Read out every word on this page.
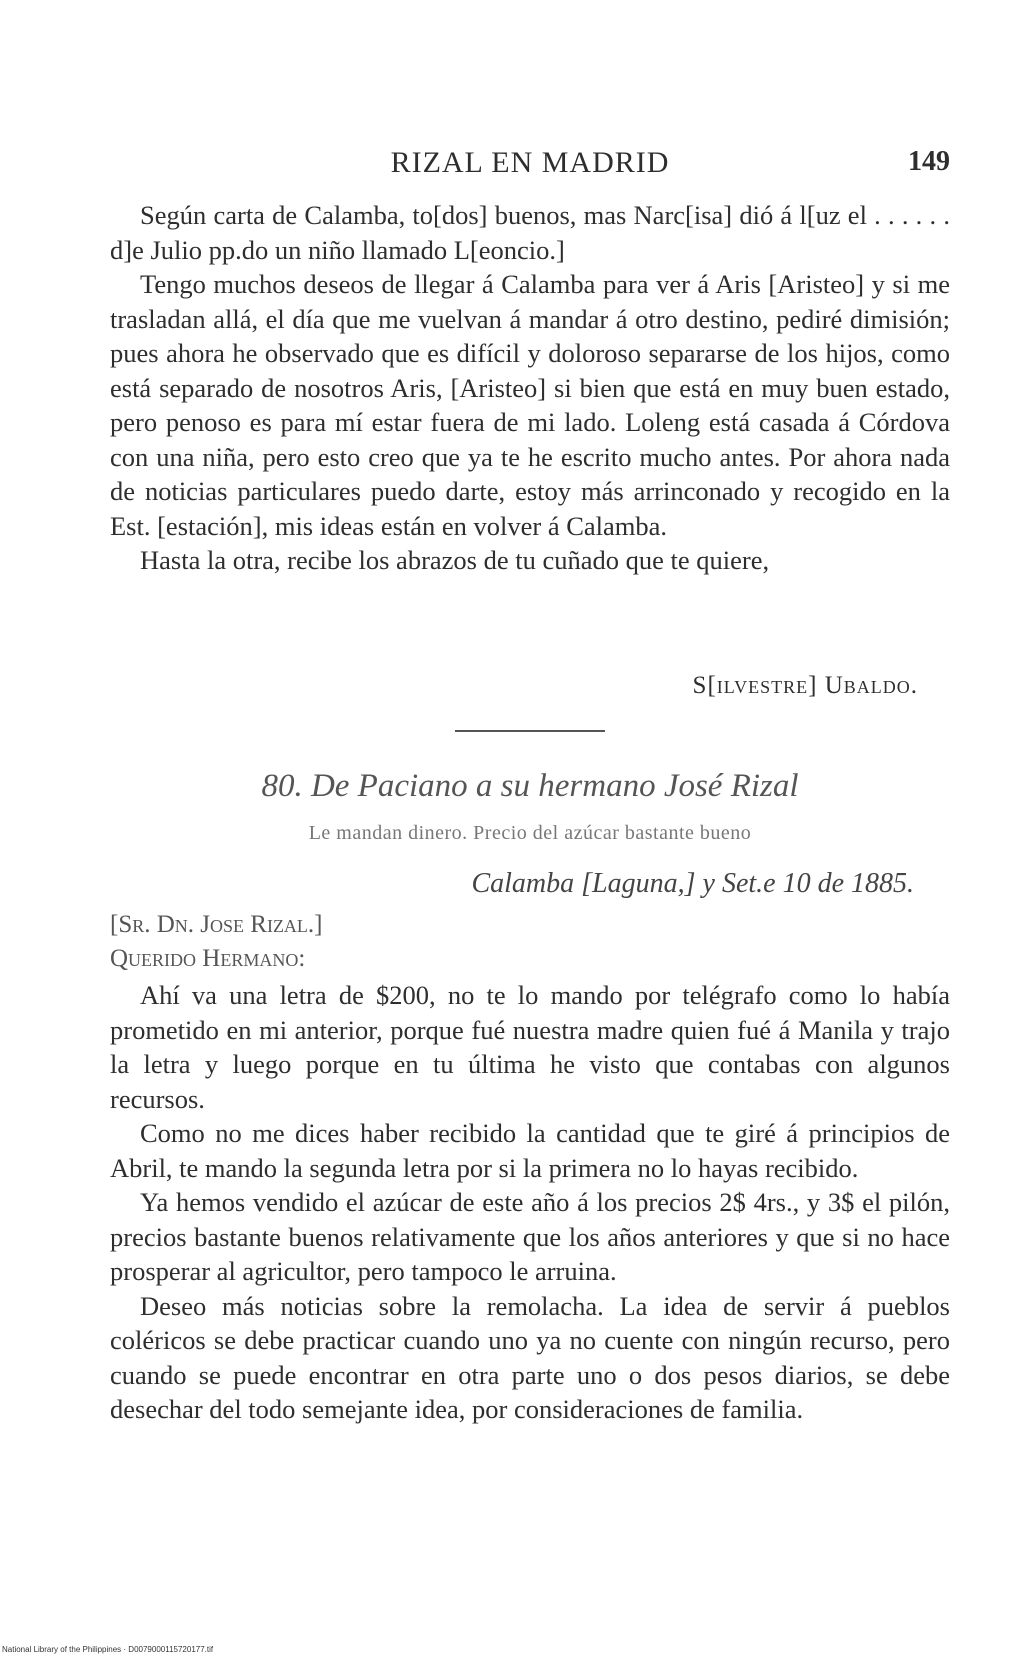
RIZAL EN MADRID	149

Según carta de Calamba, to[dos] buenos, mas Narc[isa] dió á l[uz el . . . . . . d]e Julio pp.do un niño llamado L[eoncio.]

Tengo muchos deseos de llegar á Calamba para ver á Aris [Aristeo] y si me trasladan allá, el día que me vuelvan á mandar á otro destino, pediré dimisión; pues ahora he observado que es difícil y doloroso separarse de los hijos, como está separado de nosotros Aris, [Aristeo] si bien que está en muy buen estado, pero penoso es para mí estar fuera de mi lado. Loleng está casada á Córdova con una niña, pero esto creo que ya te he escrito mucho antes. Por ahora nada de noticias particulares puedo darte, estoy más arrinconado y recogido en la Est. [estación], mis ideas están en volver á Calamba.

Hasta la otra, recibe los abrazos de tu cuñado que te quiere,

S[ilvestre] Ubaldo.
80. De Paciano a su hermano José Rizal
Le mandan dinero. Precio del azúcar bastante bueno
Calamba [Laguna,] y Set.e 10 de 1885.
[Sr. Dn. Jose Rizal.]
Querido Hermano:

Ahí va una letra de $200, no te lo mando por telégrafo como lo había prometido en mi anterior, porque fué nuestra madre quien fué á Manila y trajo la letra y luego porque en tu última he visto que contabas con algunos recursos.

Como no me dices haber recibido la cantidad que te giré á principios de Abril, te mando la segunda letra por si la primera no lo hayas recibido.

Ya hemos vendido el azúcar de este año á los precios 2$ 4rs., y 3$ el pilón, precios bastante buenos relativamente que los años anteriores y que si no hace prosperar al agricultor, pero tampoco le arruina.

Deseo más noticias sobre la remolacha. La idea de servir á pueblos coléricos se debe practicar cuando uno ya no cuente con ningún recurso, pero cuando se puede encontrar en otra parte uno o dos pesos diarios, se debe desechar del todo semejante idea, por consideraciones de familia.

National Library of the Philippines · D0079000115720177.tif
